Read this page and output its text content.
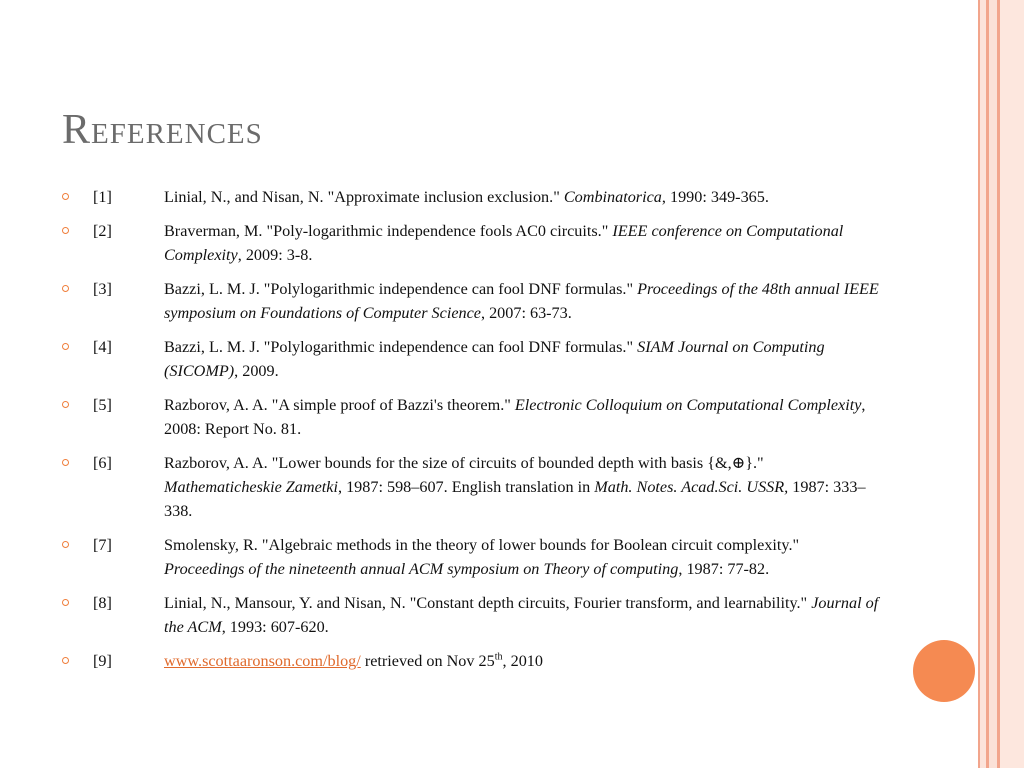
References
[1]	Linial, N., and Nisan, N. "Approximate inclusion exclusion." Combinatorica, 1990: 349-365.
[2]	Braverman, M. "Poly-logarithmic independence fools AC0 circuits." IEEE conference on Computational Complexity, 2009: 3-8.
[3]	Bazzi, L. M. J. "Polylogarithmic independence can fool DNF formulas." Proceedings of the 48th annual IEEE symposium on Foundations of Computer Science, 2007: 63-73.
[4]	Bazzi, L. M. J. "Polylogarithmic independence can fool DNF formulas." SIAM Journal on Computing (SICOMP), 2009.
[5]	Razborov, A. A. "A simple proof of Bazzi's theorem." Electronic Colloquium on Computational Complexity, 2008: Report No. 81.
[6]	Razborov, A. A. "Lower bounds for the size of circuits of bounded depth with basis {&,⊕}." Mathematicheskie Zametki, 1987: 598–607. English translation in Math. Notes. Acad.Sci. USSR, 1987: 333–338.
[7]	Smolensky, R. "Algebraic methods in the theory of lower bounds for Boolean circuit complexity." Proceedings of the nineteenth annual ACM symposium on Theory of computing, 1987: 77-82.
[8]	Linial, N., Mansour, Y. and Nisan, N. "Constant depth circuits, Fourier transform, and learnability." Journal of the ACM, 1993: 607-620.
[9]	www.scottaaronson.com/blog/ retrieved on Nov 25th, 2010
